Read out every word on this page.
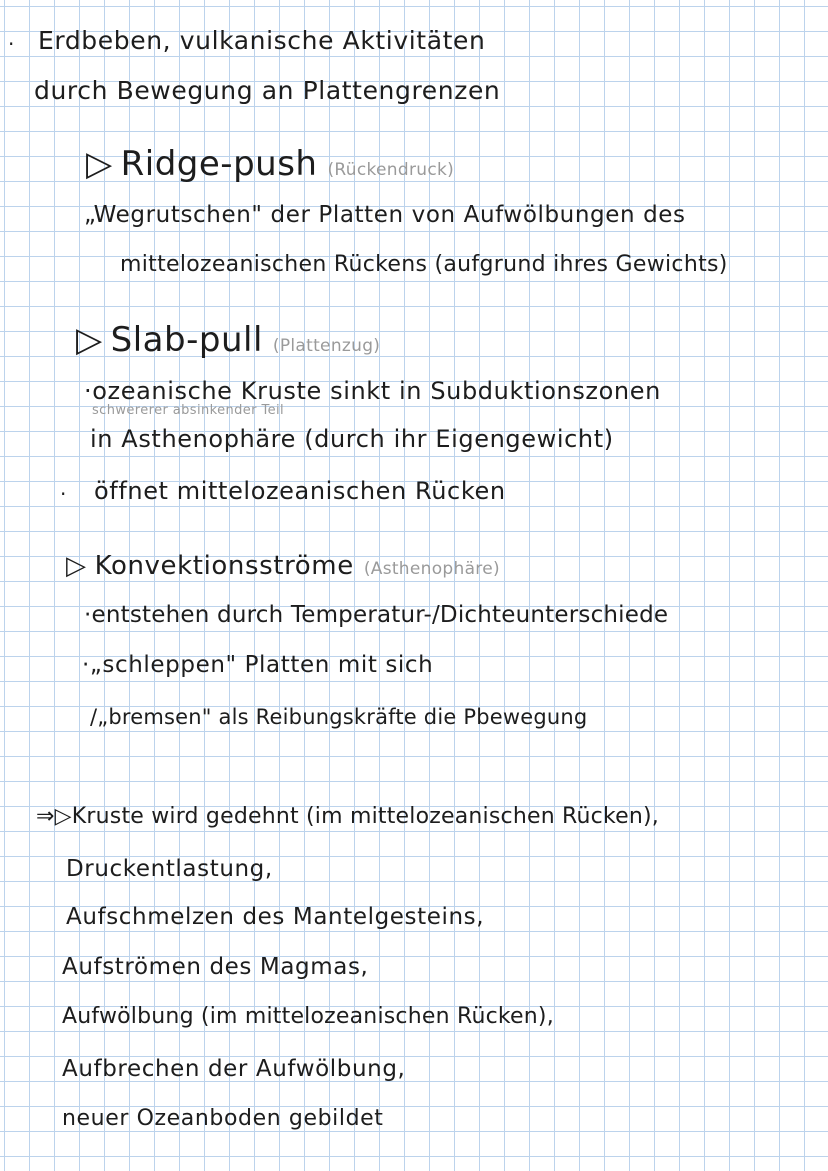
· Erdbeben, vulkanische Aktivitäten
durch Bewegung an Plattengrenzen
▷ Ridge-push (Rückendruck)
„Wegrutschen" der Platten von Aufwölbungen des
mittelozeanischen Rückens (aufgrund ihres Gewichts)
▷ Slab-pull (Plattenzug)
·ozeanische Kruste sinkt in Subduktionszonen
schwererer absinkender Teil
in Asthenophäre (durch ihr Eigengewicht)
· öffnet mittelozeanischen Rücken
▷ Konvektionsströme (Asthenophäre)
·entstehen durch Temperatur-/Dichteunterschiede
·„schleppen" Platten mit sich
/„bremsen" als Reibungskräfte die Pbewegung
⇒▷Kruste wird gedehnt (im mittelozeanischen Rücken),
Druckentlastung,
Aufschmelzen des Mantelgesteins,
Aufströmen des Magmas,
Aufwölbung (im mittelozeanischen Rücken),
Aufbrechen der Aufwölbung,
neuer Ozeanboden gebildet
